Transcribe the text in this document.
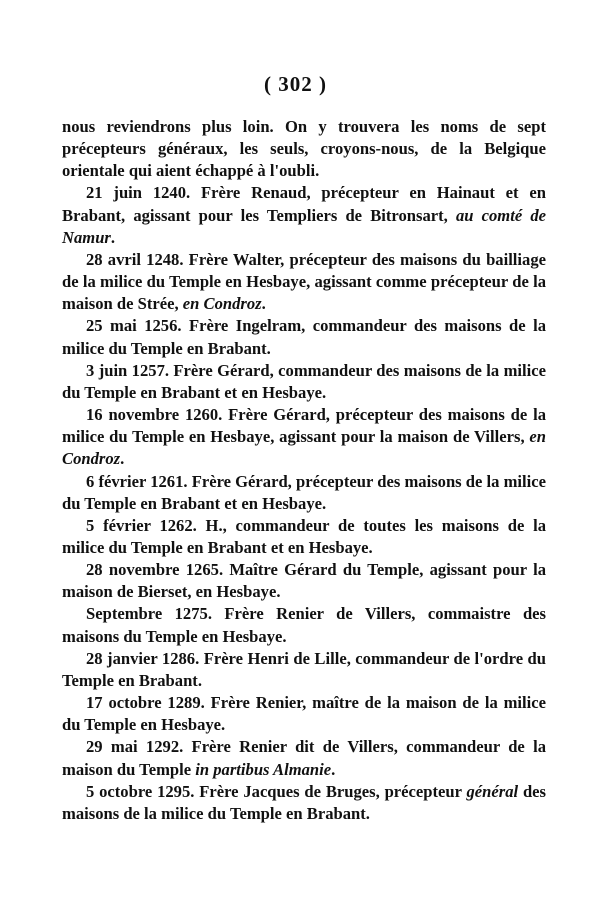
( 302 )

nous reviendrons plus loin. On y trouvera les noms de sept précepteurs généraux, les seuls, croyons-nous, de la Belgique orientale qui aient échappé à l'oubli.

21 juin 1240. Frère Renaud, précepteur en Hainaut et en Brabant, agissant pour les Templiers de Bitronsart, au comté de Namur.

28 avril 1248. Frère Walter, précepteur des maisons du bailliage de la milice du Temple en Hesbaye, agissant comme précepteur de la maison de Strée, en Condroz.

25 mai 1256. Frère Ingelram, commandeur des maisons de la milice du Temple en Brabant.

3 juin 1257. Frère Gérard, commandeur des maisons de la milice du Temple en Brabant et en Hesbaye.

16 novembre 1260. Frère Gérard, précepteur des maisons de la milice du Temple en Hesbaye, agissant pour la maison de Villers, en Condroz.

6 février 1261. Frère Gérard, précepteur des maisons de la milice du Temple en Brabant et en Hesbaye.

5 février 1262. H., commandeur de toutes les maisons de la milice du Temple en Brabant et en Hesbaye.

28 novembre 1265. Maître Gérard du Temple, agissant pour la maison de Bierset, en Hesbaye.

Septembre 1275. Frère Renier de Villers, commaistre des maisons du Temple en Hesbaye.

28 janvier 1286. Frère Henri de Lille, commandeur de l'ordre du Temple en Brabant.

17 octobre 1289. Frère Renier, maître de la maison de la milice du Temple en Hesbaye.

29 mai 1292. Frère Renier dit de Villers, commandeur de la maison du Temple in partibus Almanie.

5 octobre 1295. Frère Jacques de Bruges, précepteur général des maisons de la milice du Temple en Brabant.
